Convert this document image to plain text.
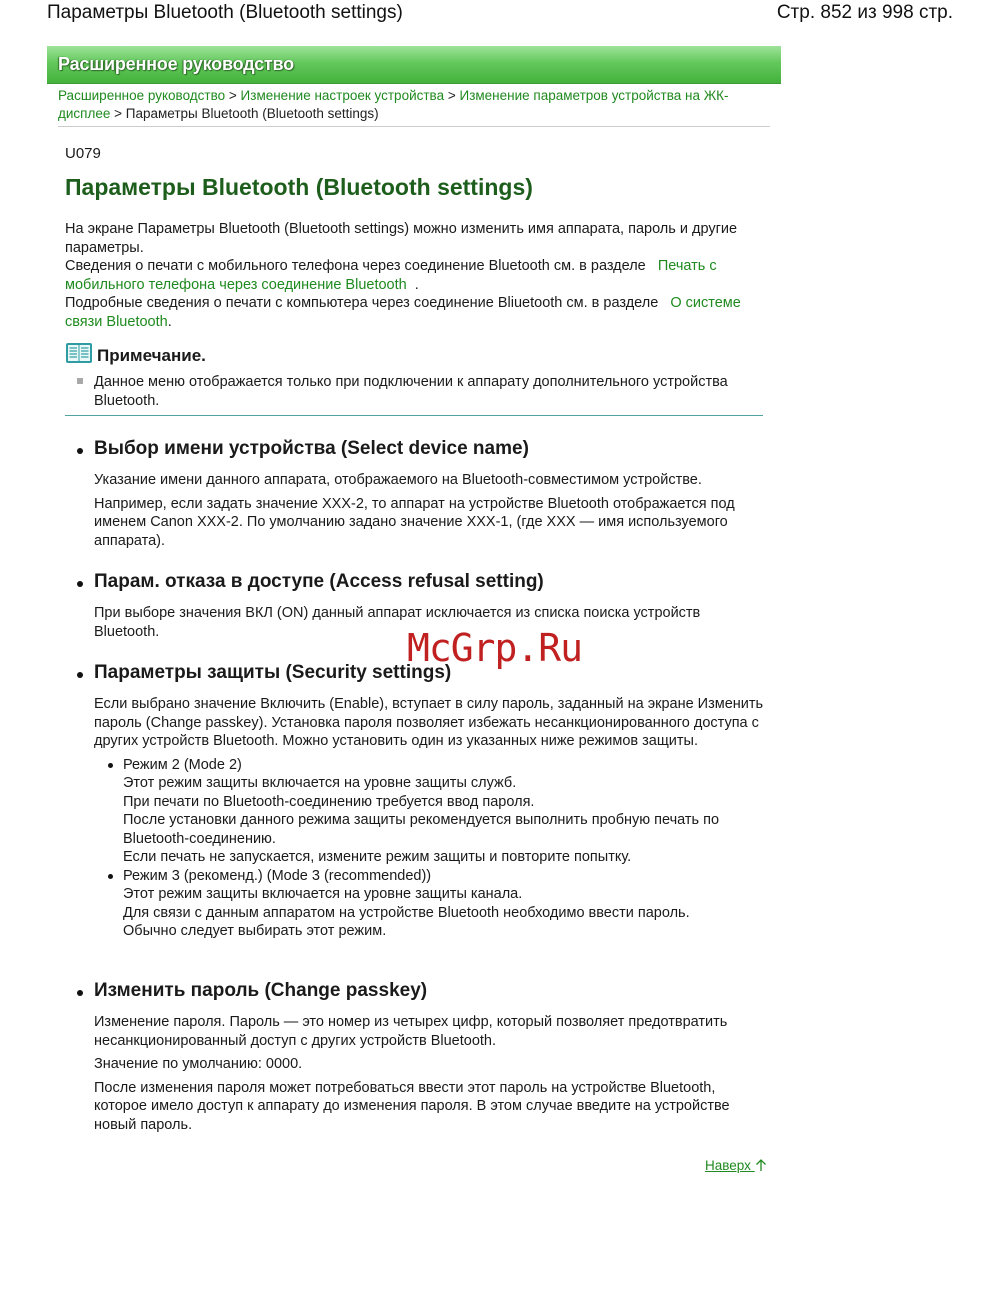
Параметры Bluetooth (Bluetooth settings)	Стр. 852 из 998 стр.
Расширенное руководство
Расширенное руководство > Изменение настроек устройства > Изменение параметров устройства на ЖК-
дисплее > Параметры Bluetooth (Bluetooth settings)
U079
Параметры Bluetooth (Bluetooth settings)

На экране Параметры Bluetooth (Bluetooth settings) можно изменить имя аппарата, пароль и другие параметры.

Сведения о печати с мобильного телефона через соединение Bluetooth см. в разделе Печать с
мобильного телефона через соединение Bluetooth .

Подробные сведения о печати с компьютера через соединение Bliuetooth см. в разделе О системе
связи Bluetooth.

Примечание.
Данное меню отображается только при подключении к аппарату дополнительного устройства Bluetooth.
Выбор имени устройства (Select device name)

Указание имени данного аппарата, отображаемого на Bluetooth-совместимом устройстве.

Например, если задать значение XXX-2, то аппарат на устройстве Bluetooth отображается под именем Canon XXX-2. По умолчанию задано значение XXX-1, (где XXX — имя используемого аппарата).

Парам. отказа в доступе (Access refusal setting)

При выборе значения ВКЛ (ON) данный аппарат исключается из списка поиска устройств Bluetooth.

Параметры защиты (Security settings)

Если выбрано значение Включить (Enable), вступает в силу пароль, заданный на экране Изменить пароль (Change passkey). Установка пароля позволяет избежать несанкционированного доступа с других устройств Bluetooth. Можно установить один из указанных ниже режимов защиты.

Режим 2 (Mode 2)
Этот режим защиты включается на уровне защиты служб.
При печати по Bluetooth-соединению требуется ввод пароля.
После установки данного режима защиты рекомендуется выполнить пробную печать по Bluetooth-соединению.
Если печать не запускается, измените режим защиты и повторите попытку.
Режим 3 (рекоменд.) (Mode 3 (recommended))
Этот режим защиты включается на уровне защиты канала.
Для связи с данным аппаратом на устройстве Bluetooth необходимо ввести пароль.
Обычно следует выбирать этот режим.
Изменить пароль (Change passkey)

Изменение пароля. Пароль — это номер из четырех цифр, который позволяет предотвратить несанкционированный доступ с других устройств Bluetooth.

Значение по умолчанию: 0000.

После изменения пароля может потребоваться ввести этот пароль на устройстве Bluetooth, которое имело доступ к аппарату до изменения пароля. В этом случае введите на устройстве новый пароль.

McGrp.Ru
Наверх
